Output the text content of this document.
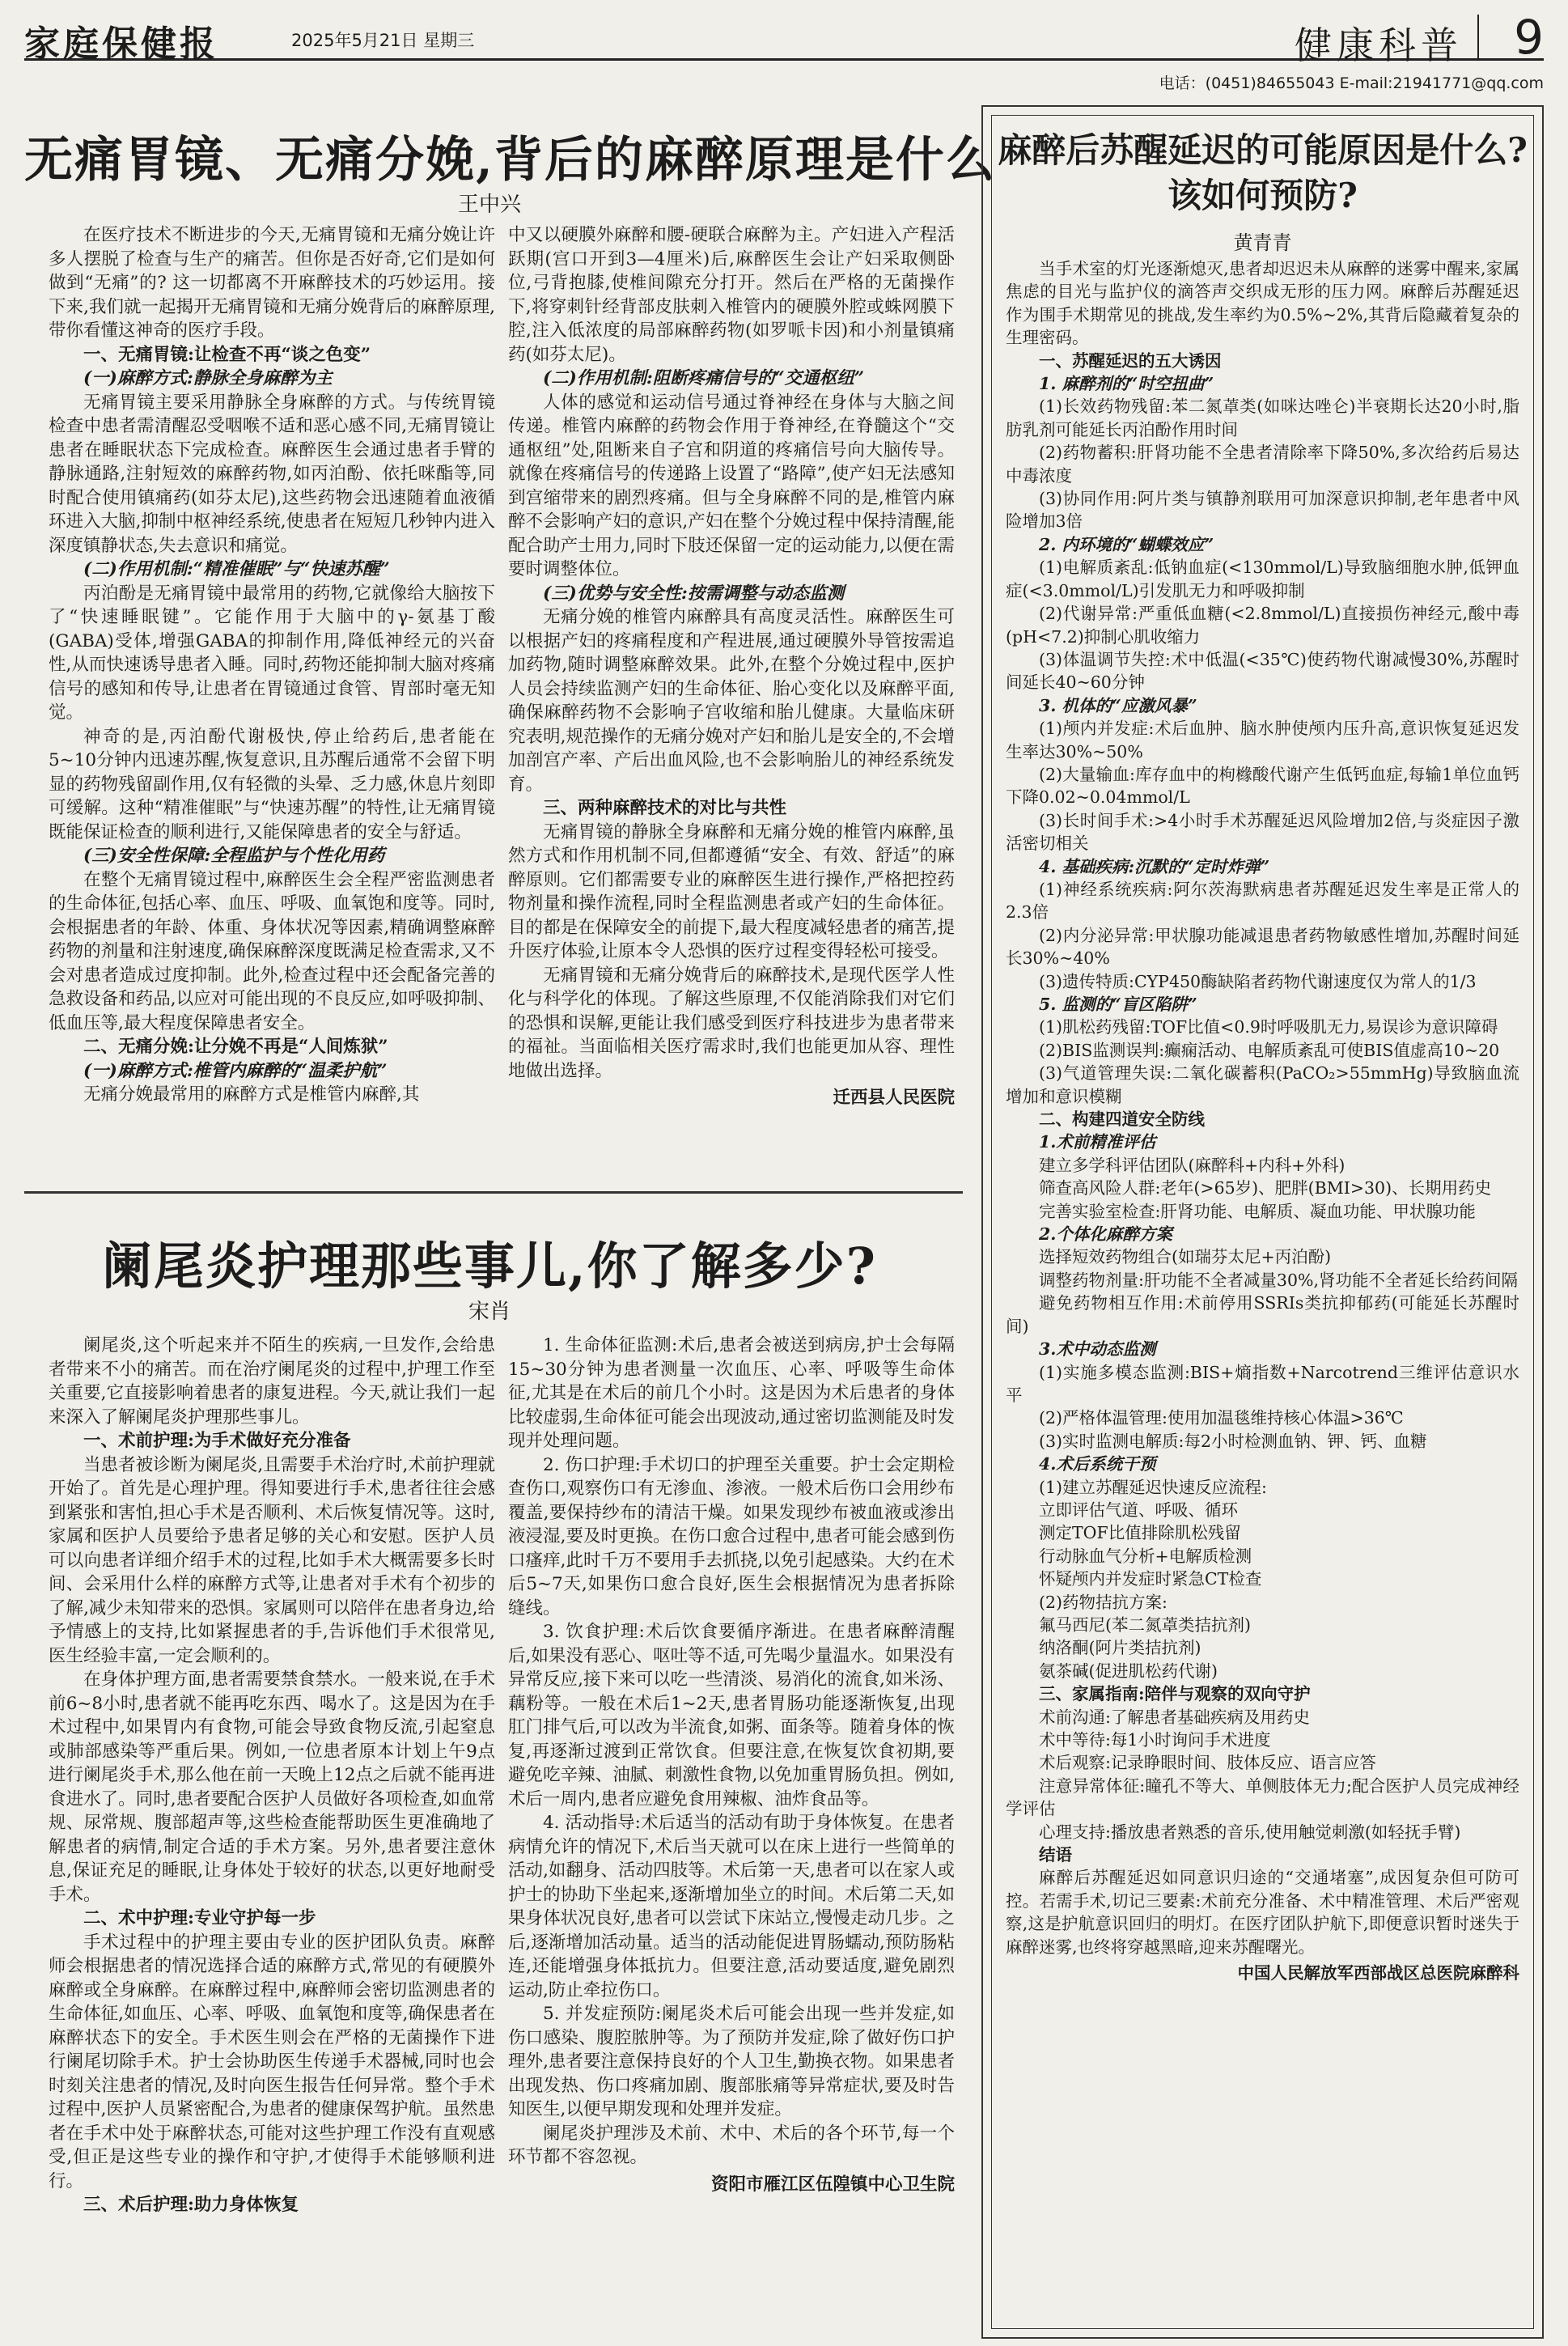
家庭保健报	2025年5月21日 星期三	健康科普 9
电话：(0451)84655043 E-mail:21941771@qq.com
无痛胃镜、无痛分娩,背后的麻醉原理是什么
王中兴

在医疗技术不断进步的今天,无痛胃镜和无痛分娩让许多人摆脱了检查与生产的痛苦。但你是否好奇,它们是如何做到“无痛”的? 这一切都离不开麻醉技术的巧妙运用。接下来,我们就一起揭开无痛胃镜和无痛分娩背后的麻醉原理,带你看懂这神奇的医疗手段。

一、无痛胃镜:让检查不再“谈之色变”

(一)麻醉方式:静脉全身麻醉为主

无痛胃镜主要采用静脉全身麻醉的方式。与传统胃镜检查中患者需清醒忍受咽喉不适和恶心感不同,无痛胃镜让患者在睡眠状态下完成检查。麻醉医生会通过患者手臂的静脉通路,注射短效的麻醉药物,如丙泊酚、依托咪酯等,同时配合使用镇痛药(如芬太尼),这些药物会迅速随着血液循环进入大脑,抑制中枢神经系统,使患者在短短几秒钟内进入深度镇静状态,失去意识和痛觉。

(二)作用机制:“精准催眠”与“快速苏醒”

丙泊酚是无痛胃镜中最常用的药物,它就像给大脑按下了“快速睡眠键”。它能作用于大脑中的γ-氨基丁酸(GABA)受体,增强GABA的抑制作用,降低神经元的兴奋性,从而快速诱导患者入睡。同时,药物还能抑制大脑对疼痛信号的感知和传导,让患者在胃镜通过食管、胃部时毫无知觉。

神奇的是,丙泊酚代谢极快,停止给药后,患者能在5~10分钟内迅速苏醒,恢复意识,且苏醒后通常不会留下明显的药物残留副作用,仅有轻微的头晕、乏力感,休息片刻即可缓解。这种“精准催眠”与“快速苏醒”的特性,让无痛胃镜既能保证检查的顺利进行,又能保障患者的安全与舒适。

(三)安全性保障:全程监护与个性化用药

在整个无痛胃镜过程中,麻醉医生会全程严密监测患者的生命体征,包括心率、血压、呼吸、血氧饱和度等。同时,会根据患者的年龄、体重、身体状况等因素,精确调整麻醉药物的剂量和注射速度,确保麻醉深度既满足检查需求,又不会对患者造成过度抑制。此外,检查过程中还会配备完善的急救设备和药品,以应对可能出现的不良反应,如呼吸抑制、低血压等,最大程度保障患者安全。

二、无痛分娩:让分娩不再是“人间炼狱”

(一)麻醉方式:椎管内麻醉的“温柔护航”

无痛分娩最常用的麻醉方式是椎管内麻醉,其

中又以硬膜外麻醉和腰-硬联合麻醉为主。产妇进入产程活跃期(宫口开到3—4厘米)后,麻醉医生会让产妇采取侧卧位,弓背抱膝,使椎间隙充分打开。然后在严格的无菌操作下,将穿刺针经背部皮肤刺入椎管内的硬膜外腔或蛛网膜下腔,注入低浓度的局部麻醉药物(如罗哌卡因)和小剂量镇痛药(如芬太尼)。

(二)作用机制:阻断疼痛信号的“交通枢纽”

人体的感觉和运动信号通过脊神经在身体与大脑之间传递。椎管内麻醉的药物会作用于脊神经,在脊髓这个“交通枢纽”处,阻断来自子宫和阴道的疼痛信号向大脑传导。就像在疼痛信号的传递路上设置了“路障”,使产妇无法感知到宫缩带来的剧烈疼痛。但与全身麻醉不同的是,椎管内麻醉不会影响产妇的意识,产妇在整个分娩过程中保持清醒,能配合助产士用力,同时下肢还保留一定的运动能力,以便在需要时调整体位。

(三)优势与安全性:按需调整与动态监测

无痛分娩的椎管内麻醉具有高度灵活性。麻醉医生可以根据产妇的疼痛程度和产程进展,通过硬膜外导管按需追加药物,随时调整麻醉效果。此外,在整个分娩过程中,医护人员会持续监测产妇的生命体征、胎心变化以及麻醉平面,确保麻醉药物不会影响子宫收缩和胎儿健康。大量临床研究表明,规范操作的无痛分娩对产妇和胎儿是安全的,不会增加剖宫产率、产后出血风险,也不会影响胎儿的神经系统发育。

三、两种麻醉技术的对比与共性

无痛胃镜的静脉全身麻醉和无痛分娩的椎管内麻醉,虽然方式和作用机制不同,但都遵循“安全、有效、舒适”的麻醉原则。它们都需要专业的麻醉医生进行操作,严格把控药物剂量和操作流程,同时全程监测患者或产妇的生命体征。目的都是在保障安全的前提下,最大程度减轻患者的痛苦,提升医疗体验,让原本令人恐惧的医疗过程变得轻松可接受。

无痛胃镜和无痛分娩背后的麻醉技术,是现代医学人性化与科学化的体现。了解这些原理,不仅能消除我们对它们的恐惧和误解,更能让我们感受到医疗科技进步为患者带来的福祉。当面临相关医疗需求时,我们也能更加从容、理性地做出选择。

迁西县人民医院

阑尾炎护理那些事儿,你了解多少?
宋肖

阑尾炎,这个听起来并不陌生的疾病,一旦发作,会给患者带来不小的痛苦。而在治疗阑尾炎的过程中,护理工作至关重要,它直接影响着患者的康复进程。今天,就让我们一起来深入了解阑尾炎护理那些事儿。

一、术前护理:为手术做好充分准备

当患者被诊断为阑尾炎,且需要手术治疗时,术前护理就开始了。首先是心理护理。得知要进行手术,患者往往会感到紧张和害怕,担心手术是否顺利、术后恢复情况等。这时,家属和医护人员要给予患者足够的关心和安慰。医护人员可以向患者详细介绍手术的过程,比如手术大概需要多长时间、会采用什么样的麻醉方式等,让患者对手术有个初步的了解,减少未知带来的恐惧。家属则可以陪伴在患者身边,给予情感上的支持,比如紧握患者的手,告诉他们手术很常见,医生经验丰富,一定会顺利的。

在身体护理方面,患者需要禁食禁水。一般来说,在手术前6~8小时,患者就不能再吃东西、喝水了。这是因为在手术过程中,如果胃内有食物,可能会导致食物反流,引起窒息或肺部感染等严重后果。例如,一位患者原本计划上午9点进行阑尾炎手术,那么他在前一天晚上12点之后就不能再进食进水了。同时,患者要配合医护人员做好各项检查,如血常规、尿常规、腹部超声等,这些检查能帮助医生更准确地了解患者的病情,制定合适的手术方案。另外,患者要注意休息,保证充足的睡眠,让身体处于较好的状态,以更好地耐受手术。

二、术中护理:专业守护每一步

手术过程中的护理主要由专业的医护团队负责。麻醉师会根据患者的情况选择合适的麻醉方式,常见的有硬膜外麻醉或全身麻醉。在麻醉过程中,麻醉师会密切监测患者的生命体征,如血压、心率、呼吸、血氧饱和度等,确保患者在麻醉状态下的安全。手术医生则会在严格的无菌操作下进行阑尾切除手术。护士会协助医生传递手术器械,同时也会时刻关注患者的情况,及时向医生报告任何异常。整个手术过程中,医护人员紧密配合,为患者的健康保驾护航。虽然患者在手术中处于麻醉状态,可能对这些护理工作没有直观感受,但正是这些专业的操作和守护,才使得手术能够顺利进行。

三、术后护理:助力身体恢复

1. 生命体征监测:术后,患者会被送到病房,护士会每隔15~30分钟为患者测量一次血压、心率、呼吸等生命体征,尤其是在术后的前几个小时。这是因为术后患者的身体比较虚弱,生命体征可能会出现波动,通过密切监测能及时发现并处理问题。

2. 伤口护理:手术切口的护理至关重要。护士会定期检查伤口,观察伤口有无渗血、渗液。一般术后伤口会用纱布覆盖,要保持纱布的清洁干燥。如果发现纱布被血液或渗出液浸湿,要及时更换。在伤口愈合过程中,患者可能会感到伤口瘙痒,此时千万不要用手去抓挠,以免引起感染。大约在术后5~7天,如果伤口愈合良好,医生会根据情况为患者拆除缝线。

3. 饮食护理:术后饮食要循序渐进。在患者麻醉清醒后,如果没有恶心、呕吐等不适,可先喝少量温水。如果没有异常反应,接下来可以吃一些清淡、易消化的流食,如米汤、藕粉等。一般在术后1~2天,患者胃肠功能逐渐恢复,出现肛门排气后,可以改为半流食,如粥、面条等。随着身体的恢复,再逐渐过渡到正常饮食。但要注意,在恢复饮食初期,要避免吃辛辣、油腻、刺激性食物,以免加重胃肠负担。例如,术后一周内,患者应避免食用辣椒、油炸食品等。

4. 活动指导:术后适当的活动有助于身体恢复。在患者病情允许的情况下,术后当天就可以在床上进行一些简单的活动,如翻身、活动四肢等。术后第一天,患者可以在家人或护士的协助下坐起来,逐渐增加坐立的时间。术后第二天,如果身体状况良好,患者可以尝试下床站立,慢慢走动几步。之后,逐渐增加活动量。适当的活动能促进胃肠蠕动,预防肠粘连,还能增强身体抵抗力。但要注意,活动要适度,避免剧烈运动,防止牵拉伤口。

5. 并发症预防:阑尾炎术后可能会出现一些并发症,如伤口感染、腹腔脓肿等。为了预防并发症,除了做好伤口护理外,患者要注意保持良好的个人卫生,勤换衣物。如果患者出现发热、伤口疼痛加剧、腹部胀痛等异常症状,要及时告知医生,以便早期发现和处理并发症。

阑尾炎护理涉及术前、术中、术后的各个环节,每一个环节都不容忽视。

资阳市雁江区伍隍镇中心卫生院

麻醉后苏醒延迟的可能原因是什么?
该如何预防?
黄青青

当手术室的灯光逐渐熄灭,患者却迟迟未从麻醉的迷雾中醒来,家属焦虑的目光与监护仪的滴答声交织成无形的压力网。麻醉后苏醒延迟作为围手术期常见的挑战,发生率约为0.5%~2%,其背后隐藏着复杂的生理密码。

一、苏醒延迟的五大诱因

1. 麻醉剂的“时空扭曲”

(1)长效药物残留:苯二氮䓬类(如咪达唑仑)半衰期长达20小时,脂肪乳剂可能延长丙泊酚作用时间

(2)药物蓄积:肝肾功能不全患者清除率下降50%,多次给药后易达中毒浓度

(3)协同作用:阿片类与镇静剂联用可加深意识抑制,老年患者中风险增加3倍

2. 内环境的“蝴蝶效应”

(1)电解质紊乱:低钠血症(<130mmol/L)导致脑细胞水肿,低钾血症(<3.0mmol/L)引发肌无力和呼吸抑制

(2)代谢异常:严重低血糖(<2.8mmol/L)直接损伤神经元,酸中毒(pH<7.2)抑制心肌收缩力

(3)体温调节失控:术中低温(<35℃)使药物代谢减慢30%,苏醒时间延长40~60分钟

3. 机体的“应激风暴”

(1)颅内并发症:术后血肿、脑水肿使颅内压升高,意识恢复延迟发生率达30%~50%

(2)大量输血:库存血中的枸橼酸代谢产生低钙血症,每输1单位血钙下降0.02~0.04mmol/L

(3)长时间手术:>4小时手术苏醒延迟风险增加2倍,与炎症因子激活密切相关

4. 基础疾病:沉默的“定时炸弹”

(1)神经系统疾病:阿尔茨海默病患者苏醒延迟发生率是正常人的2.3倍

(2)内分泌异常:甲状腺功能减退患者药物敏感性增加,苏醒时间延长30%~40%

(3)遗传特质:CYP450酶缺陷者药物代谢速度仅为常人的1/3

5. 监测的“盲区陷阱”

(1)肌松药残留:TOF比值<0.9时呼吸肌无力,易误诊为意识障碍

(2)BIS监测误判:癫痫活动、电解质紊乱可使BIS值虚高10~20

(3)气道管理失误:二氧化碳蓄积(PaCO₂>55mmHg)导致脑血流增加和意识模糊

二、构建四道安全防线

1.术前精准评估

建立多学科评估团队(麻醉科+内科+外科)

筛查高风险人群:老年(>65岁)、肥胖(BMI>30)、长期用药史

完善实验室检查:肝肾功能、电解质、凝血功能、甲状腺功能

2.个体化麻醉方案

选择短效药物组合(如瑞芬太尼+丙泊酚)

调整药物剂量:肝功能不全者减量30%,肾功能不全者延长给药间隔

避免药物相互作用:术前停用SSRIs类抗抑郁药(可能延长苏醒时间)

3.术中动态监测

(1)实施多模态监测:BIS+熵指数+Narcotrend三维评估意识水平

(2)严格体温管理:使用加温毯维持核心体温>36℃

(3)实时监测电解质:每2小时检测血钠、钾、钙、血糖

4.术后系统干预

(1)建立苏醒延迟快速反应流程:

立即评估气道、呼吸、循环

测定TOF比值排除肌松残留

行动脉血气分析+电解质检测

怀疑颅内并发症时紧急CT检查

(2)药物拮抗方案:

氟马西尼(苯二氮䓬类拮抗剂)

纳洛酮(阿片类拮抗剂)

氨茶碱(促进肌松药代谢)

三、家属指南:陪伴与观察的双向守护

术前沟通:了解患者基础疾病及用药史

术中等待:每1小时询问手术进度

术后观察:记录睁眼时间、肢体反应、语言应答

注意异常体征:瞳孔不等大、单侧肢体无力;配合医护人员完成神经学评估

心理支持:播放患者熟悉的音乐,使用触觉刺激(如轻抚手臂)

结语

麻醉后苏醒延迟如同意识归途的“交通堵塞”,成因复杂但可防可控。若需手术,切记三要素:术前充分准备、术中精准管理、术后严密观察,这是护航意识回归的明灯。在医疗团队护航下,即便意识暂时迷失于麻醉迷雾,也终将穿越黑暗,迎来苏醒曙光。

中国人民解放军西部战区总医院麻醉科
